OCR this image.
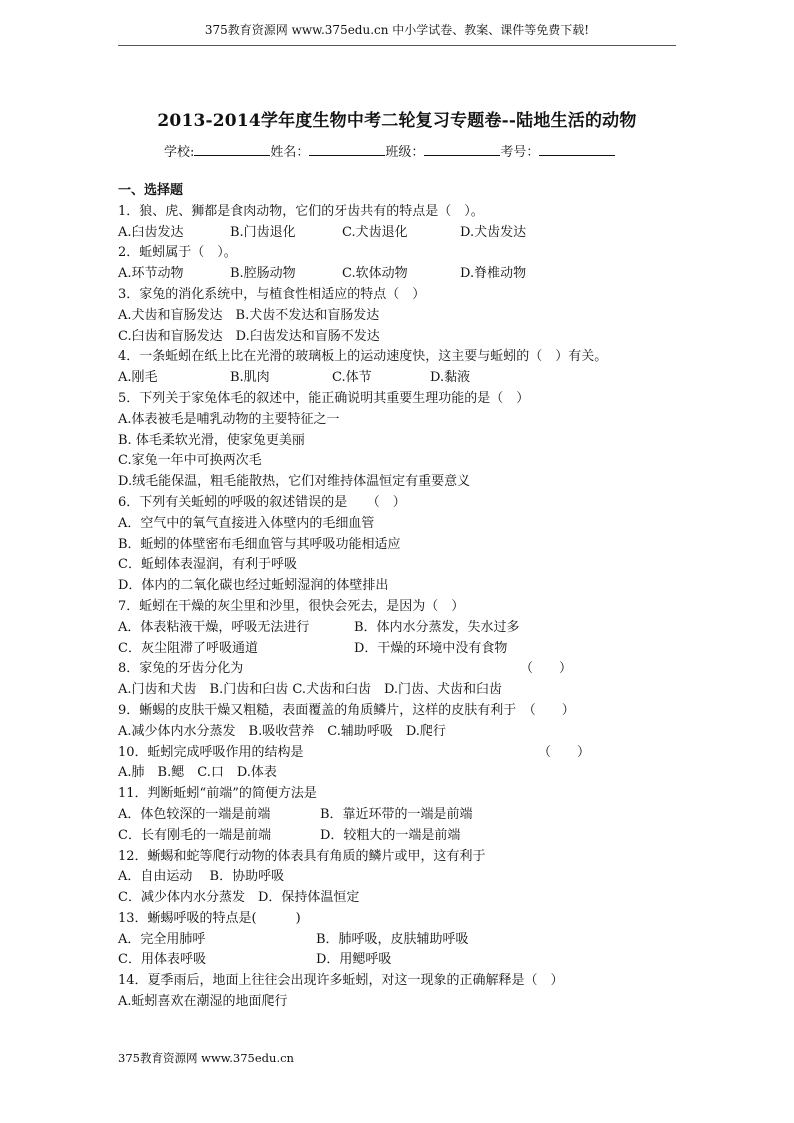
375教育资源网 www.375edu.cn 中小学试卷、教案、课件等免费下载!
2013-2014学年度生物中考二轮复习专题卷--陆地生活的动物
学校:	姓名：	班级：	考号：
一、选择题
1．狼、虎、狮都是食肉动物，它们的牙齿共有的特点是（　）。
A.臼齿发达	B.门齿退化	C.犬齿退化	D.犬齿发达
2．蚯蚓属于（　）。
A.环节动物	B.腔肠动物	C.软体动物	D.脊椎动物
3．家兔的消化系统中，与植食性相适应的特点（　）
A.犬齿和盲肠发达　B.犬齿不发达和盲肠发达
C.臼齿和盲肠发达　D.臼齿发达和盲肠不发达
4．一条蚯蚓在纸上比在光滑的玻璃板上的运动速度快，这主要与蚯蚓的（　）有关。
A.刚毛	B.肌肉	C.体节	D.黏液
5．下列关于家兔体毛的叙述中，能正确说明其重要生理功能的是（　）
A.体表被毛是哺乳动物的主要特征之一
B. 体毛柔软光滑，使家兔更美丽
C.家兔一年中可换两次毛
D.绒毛能保温，粗毛能散热，它们对维持体温恒定有重要意义
6．下列有关蚯蚓的呼吸的叙述错误的是　　（　）
A．空气中的氧气直接进入体壁内的毛细血管
B．蚯蚓的体壁密布毛细血管与其呼吸功能相适应
C．蚯蚓体表湿润，有利于呼吸
D．体内的二氧化碳也经过蚯蚓湿润的体壁排出
7．蚯蚓在干燥的灰尘里和沙里，很快会死去，是因为（　）
A．体表粘液干燥，呼吸无法进行	B．体内水分蒸发，失水过多
C．灰尘阻滞了呼吸通道	D．干燥的环境中没有食物
8．家兔的牙齿分化为	（　　）
A.门齿和犬齿　B.门齿和臼齿 C.犬齿和臼齿　D.门齿、犬齿和臼齿
9．蜥蜴的皮肤干燥又粗糙，表面覆盖的角质鳞片，这样的皮肤有利于　（　　）
A.减少体内水分蒸发　B.吸收营养　C.辅助呼吸　D.爬行
10．蚯蚓完成呼吸作用的结构是	（　　）
A.肺　B.鳃　C.口　D.体表
11．判断蚯蚓“前端”的简便方法是
A．体色较深的一端是前端	B．靠近环带的一端是前端
C．长有刚毛的一端是前端	D．较粗大的一端是前端
12．蜥蜴和蛇等爬行动物的体表具有角质的鳞片或甲，这有利于
A．自由运动　 B．协助呼吸
C．减少体内水分蒸发　D．保持体温恒定
13．蜥蜴呼吸的特点是(　　　)
A．完全用肺呼	B．肺呼吸，皮肤辅助呼吸
C．用体表呼吸	D．用鳃呼吸
14．夏季雨后，地面上往往会出现许多蚯蚓，对这一现象的正确解释是（　）
A.蚯蚓喜欢在潮湿的地面爬行
375教育资源网 www.375edu.cn
